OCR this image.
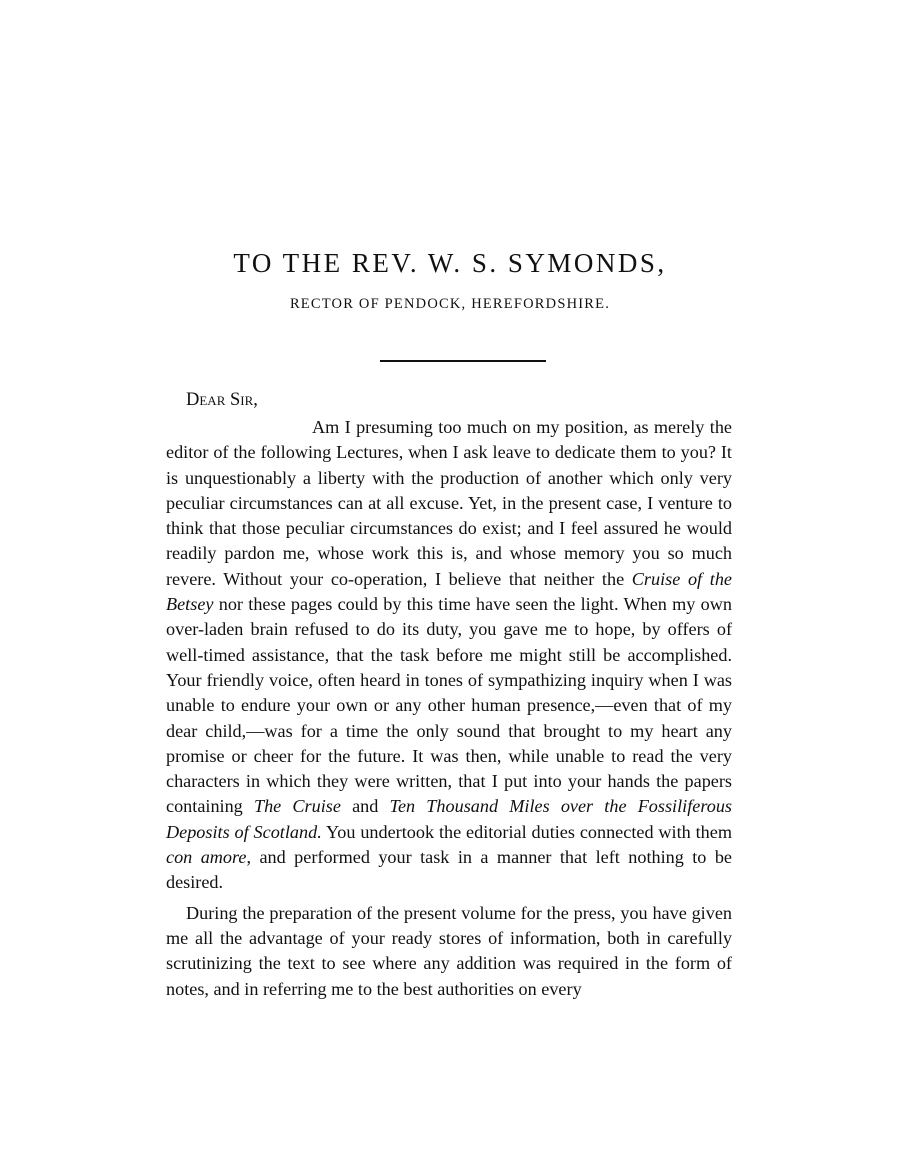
TO THE REV. W. S. SYMONDS,
RECTOR OF PENDOCK, HEREFORDSHIRE.

Dear Sir,

Am I presuming too much on my position, as merely the editor of the following Lectures, when I ask leave to dedicate them to you? It is unquestionably a liberty with the production of another which only very peculiar circumstances can at all excuse. Yet, in the present case, I venture to think that those peculiar circumstances do exist; and I feel assured he would readily pardon me, whose work this is, and whose memory you so much revere. Without your co-operation, I believe that neither the Cruise of the Betsey nor these pages could by this time have seen the light. When my own over-laden brain refused to do its duty, you gave me to hope, by offers of well-timed assistance, that the task before me might still be accomplished. Your friendly voice, often heard in tones of sympathizing inquiry when I was unable to endure your own or any other human presence,—even that of my dear child,—was for a time the only sound that brought to my heart any promise or cheer for the future. It was then, while unable to read the very characters in which they were written, that I put into your hands the papers containing The Cruise and Ten Thousand Miles over the Fossiliferous Deposits of Scotland. You undertook the editorial duties connected with them con amore, and performed your task in a manner that left nothing to be desired.

During the preparation of the present volume for the press, you have given me all the advantage of your ready stores of information, both in carefully scrutinizing the text to see where any addition was required in the form of notes, and in referring me to the best authorities on every
